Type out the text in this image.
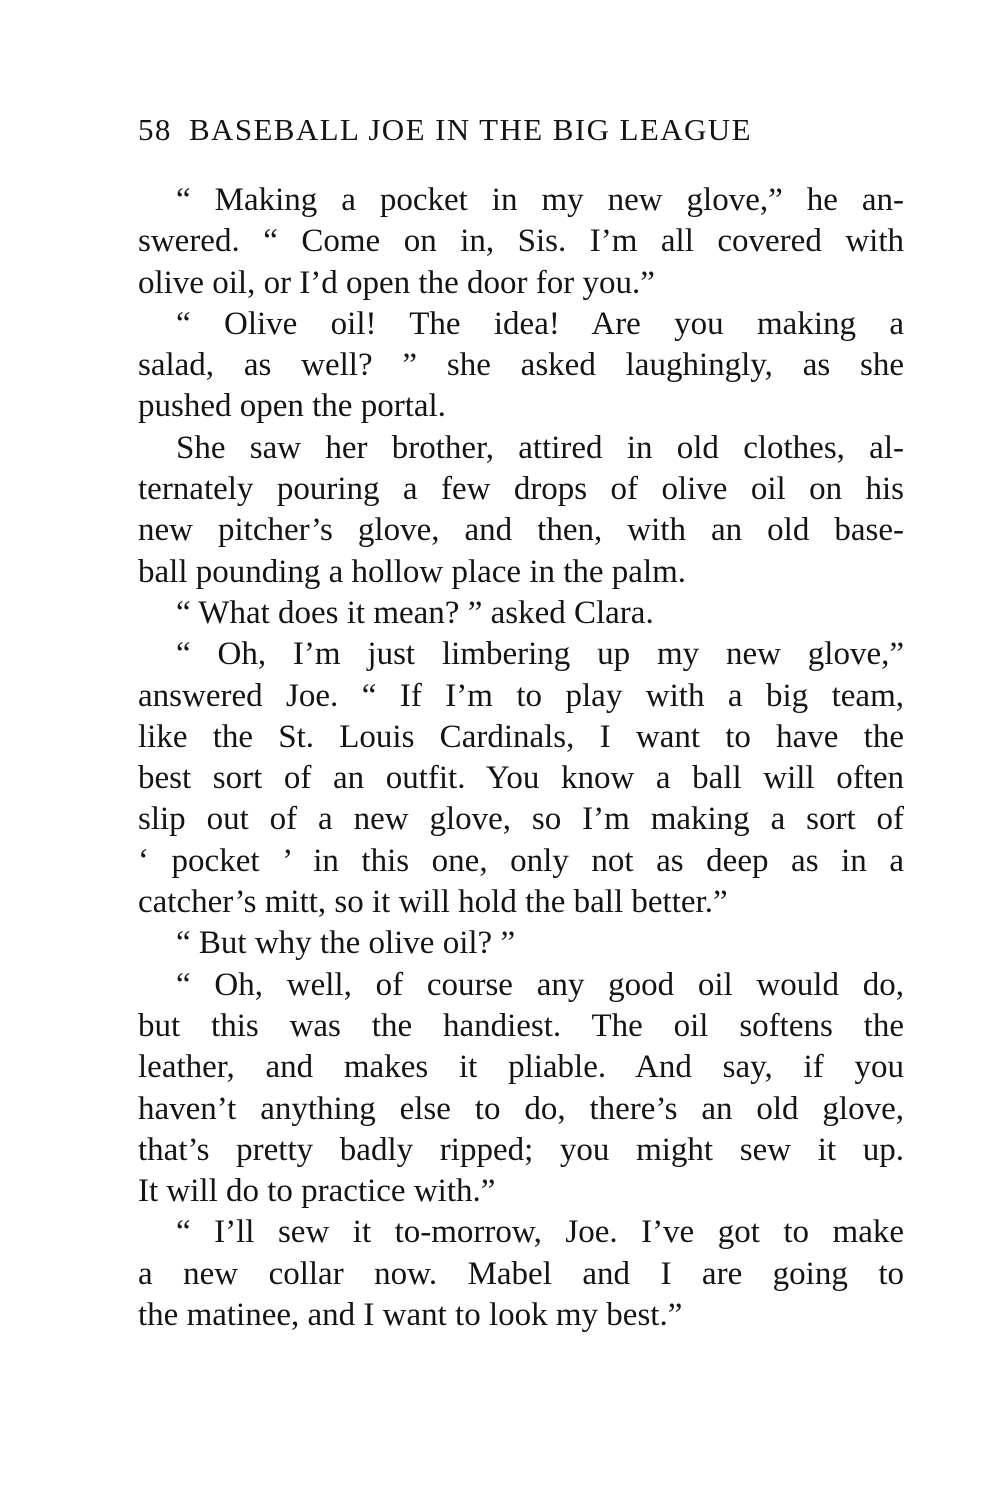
58 BASEBALL JOE IN THE BIG LEAGUE
“ Making a pocket in my new glove,” he an-
swered. “ Come on in, Sis. I’m all covered with
olive oil, or I’d open the door for you.”
“ Olive oil! The idea! Are you making a
salad, as well? ” she asked laughingly, as she
pushed open the portal.
She saw her brother, attired in old clothes, al-
ternately pouring a few drops of olive oil on his
new pitcher’s glove, and then, with an old base-
ball pounding a hollow place in the palm.
“ What does it mean? ” asked Clara.
“ Oh, I’m just limbering up my new glove,”
answered Joe. “ If I’m to play with a big team,
like the St. Louis Cardinals, I want to have the
best sort of an outfit. You know a ball will often
slip out of a new glove, so I’m making a sort of
‘ pocket ’ in this one, only not as deep as in a
catcher’s mitt, so it will hold the ball better.”
“ But why the olive oil? ”
“ Oh, well, of course any good oil would do,
but this was the handiest. The oil softens the
leather, and makes it pliable. And say, if you
haven’t anything else to do, there’s an old glove,
that’s pretty badly ripped; you might sew it up.
It will do to practice with.”
“ I’ll sew it to-morrow, Joe. I’ve got to make
a new collar now. Mabel and I are going to
the matinee, and I want to look my best.”
